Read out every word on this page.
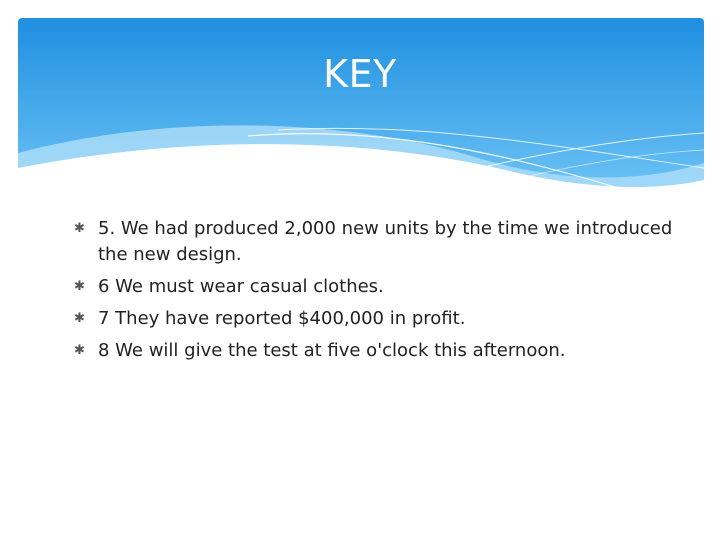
KEY
✱ 5. We had produced 2,000 new units by the time we introduced the new design.
✱ 6 We must wear casual clothes.
✱ 7 They have reported $400,000 in profit.
✱ 8 We will give the test at five o'clock this afternoon.
